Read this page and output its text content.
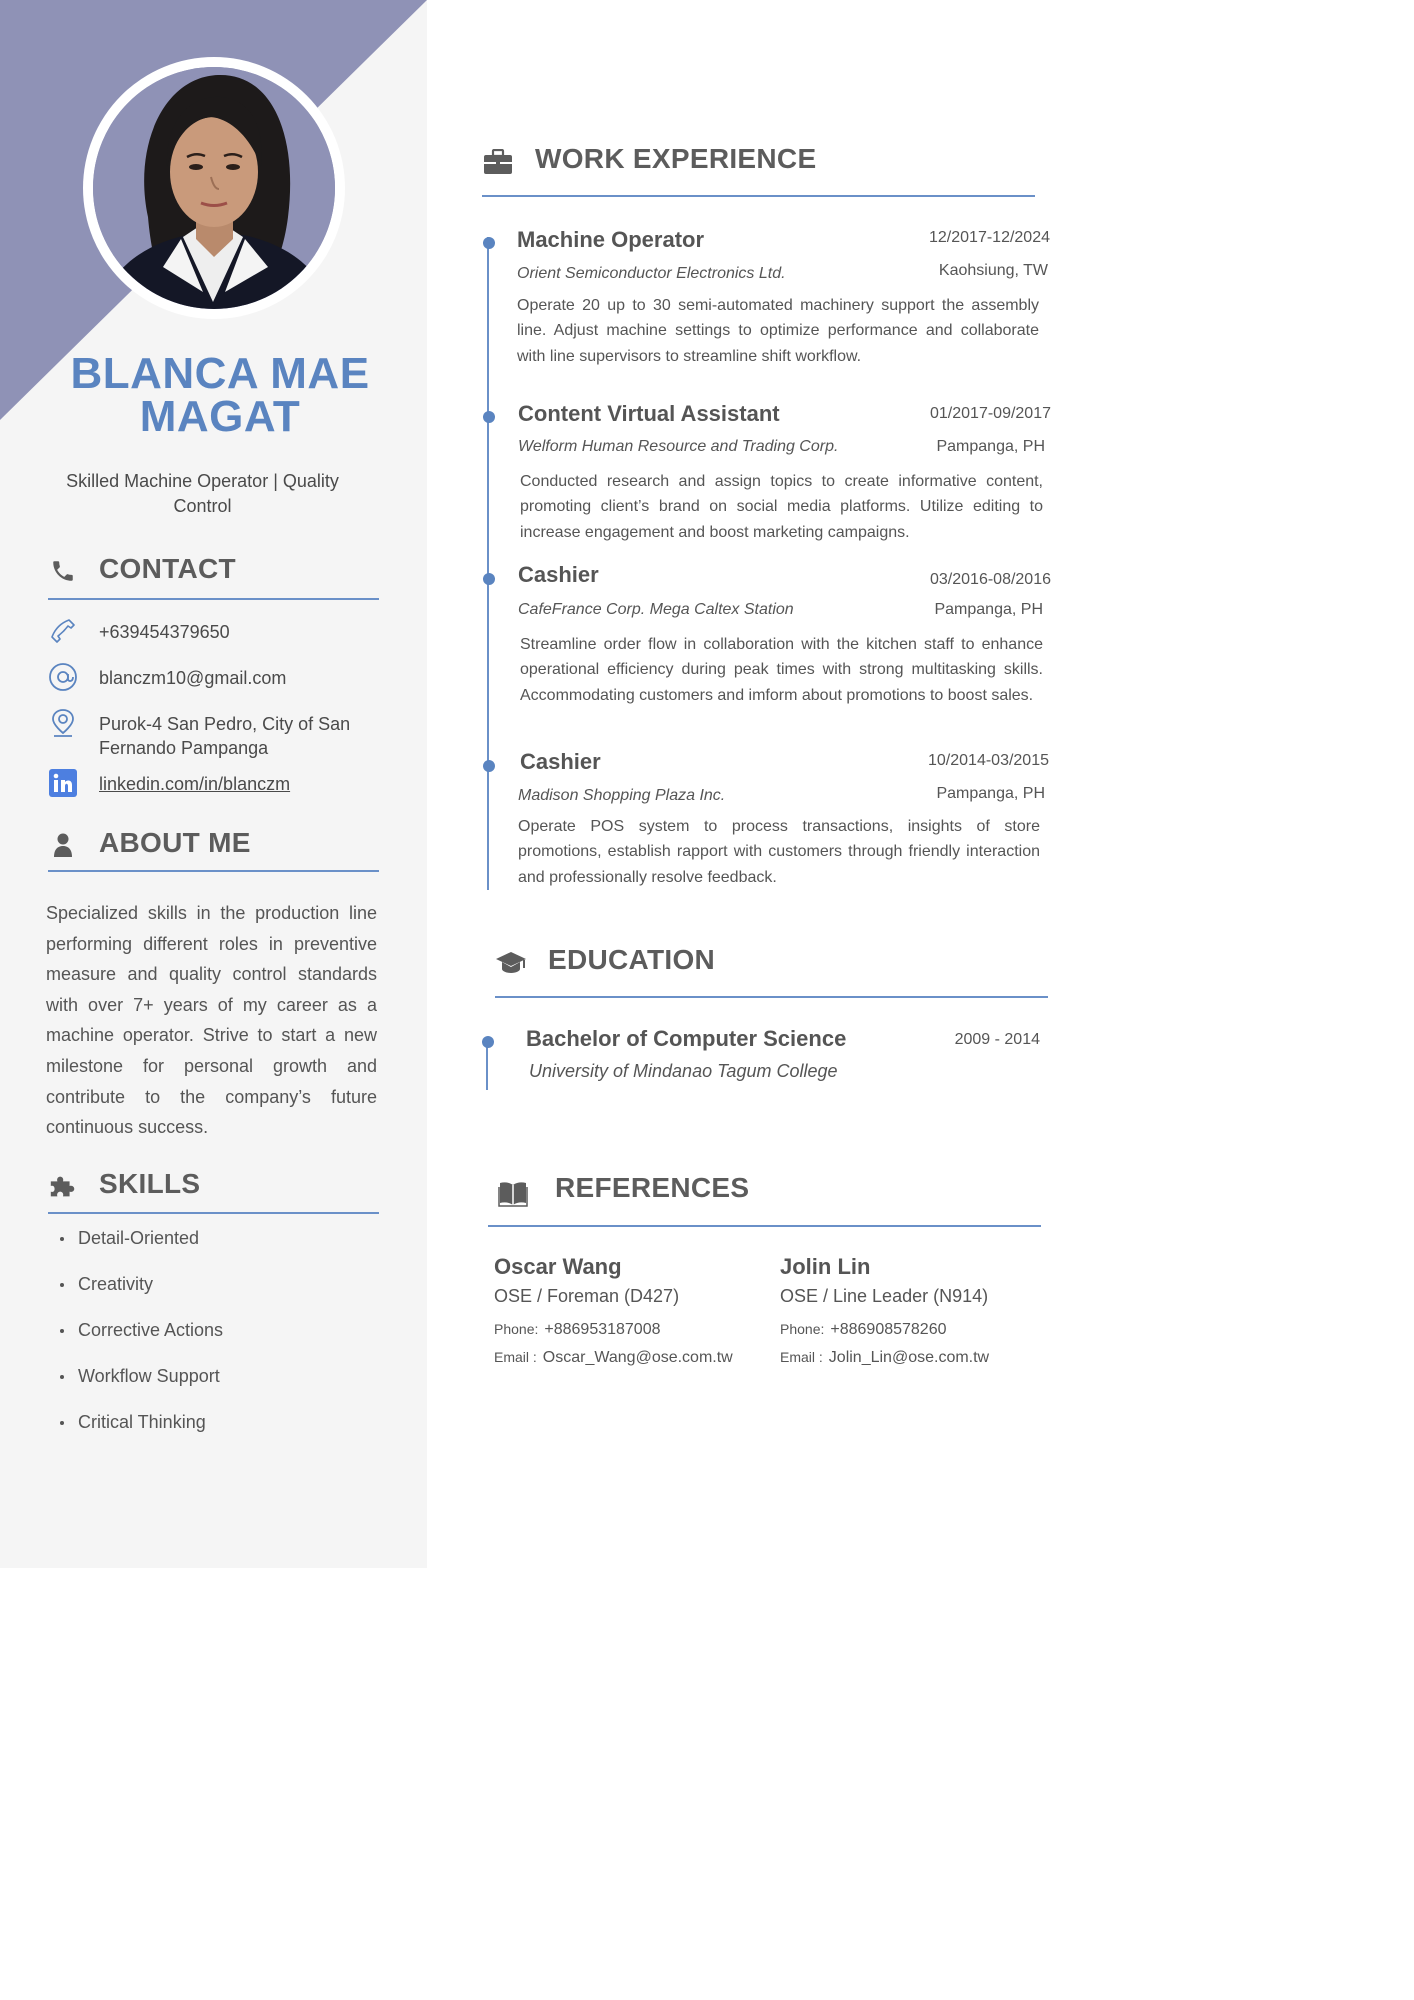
BLANCA MAE
MAGAT
Skilled Machine Operator | Quality Control
CONTACT
+639454379650
blanczm10@gmail.com
Purok-4 San Pedro, City of San Fernando Pampanga
linkedin.com/in/blanczm
ABOUT ME
Specialized skills in the production line performing different roles in preventive measure and quality control standards with over 7+ years of my career as a machine operator. Strive to start a new milestone for personal growth and contribute to the company’s future continuous success.
SKILLS
Detail-Oriented
Creativity
Corrective Actions
Workflow Support
Critical Thinking
WORK EXPERIENCE
Machine Operator	12/2017-12/2024
Orient Semiconductor Electronics Ltd.	Kaohsiung, TW
Operate 20 up to 30 semi-automated machinery support the assembly line. Adjust machine settings to optimize performance and collaborate with line supervisors to streamline shift workflow.
Content Virtual Assistant	01/2017-09/2017
Welform Human Resource and Trading Corp.	Pampanga, PH
Conducted research and assign topics to create informative content, promoting client’s brand on social media platforms. Utilize editing to increase engagement and boost marketing campaigns.
Cashier	03/2016-08/2016
CafeFrance Corp. Mega Caltex Station	Pampanga, PH
Streamline order flow in collaboration with the kitchen staff to enhance operational efficiency during peak times with strong multitasking skills. Accommodating customers and imform about promotions to boost sales.
Cashier	10/2014-03/2015
Madison Shopping Plaza Inc.	Pampanga, PH
Operate POS system to process transactions, insights of store promotions, establish rapport with customers through friendly interaction and professionally resolve feedback.
EDUCATION
Bachelor of Computer Science	2009 - 2014
University of Mindanao Tagum College
REFERENCES
Oscar Wang
OSE / Foreman (D427)
Phone: +886953187008
Email : Oscar_Wang@ose.com.tw
Jolin Lin
OSE / Line Leader (N914)
Phone: +886908578260
Email : Jolin_Lin@ose.com.tw
